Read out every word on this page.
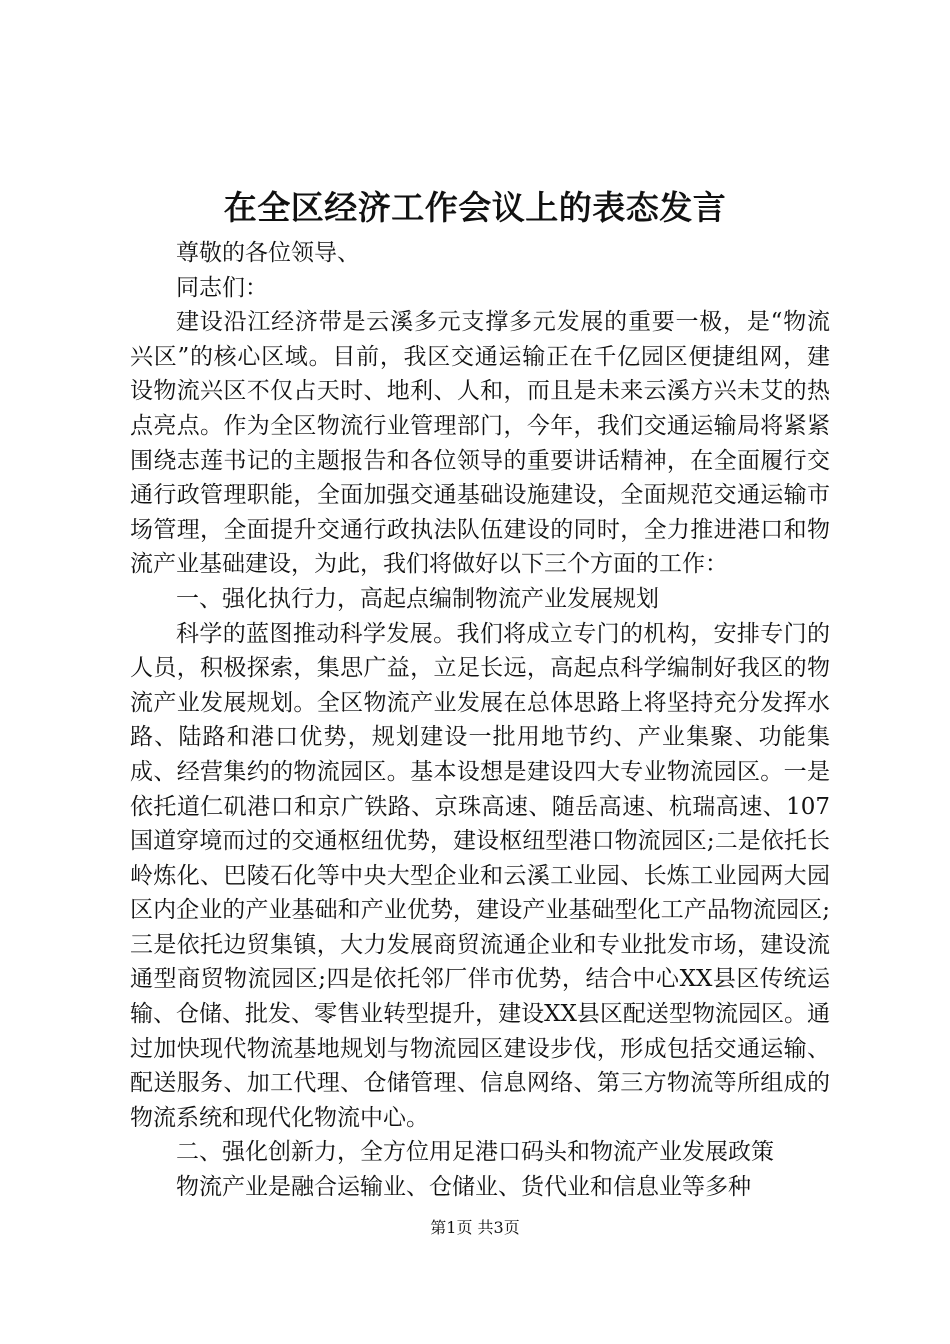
在全区经济工作会议上的表态发言

尊敬的各位领导、

同志们：

建设沿江经济带是云溪多元支撑多元发展的重要一极，是“物流兴区”的核心区域。目前，我区交通运输正在千亿园区便捷组网，建设物流兴区不仅占天时、地利、人和，而且是未来云溪方兴未艾的热点亮点。作为全区物流行业管理部门，今年，我们交通运输局将紧紧围绕志莲书记的主题报告和各位领导的重要讲话精神，在全面履行交通行政管理职能，全面加强交通基础设施建设，全面规范交通运输市场管理，全面提升交通行政执法队伍建设的同时，全力推进港口和物流产业基础建设，为此，我们将做好以下三个方面的工作：

一、强化执行力，高起点编制物流产业发展规划

科学的蓝图推动科学发展。我们将成立专门的机构，安排专门的人员，积极探索，集思广益，立足长远，高起点科学编制好我区的物流产业发展规划。全区物流产业发展在总体思路上将坚持充分发挥水路、陆路和港口优势，规划建设一批用地节约、产业集聚、功能集成、经营集约的物流园区。基本设想是建设四大专业物流园区。一是依托道仁矶港口和京广铁路、京珠高速、随岳高速、杭瑞高速、107国道穿境而过的交通枢纽优势，建设枢纽型港口物流园区;二是依托长岭炼化、巴陵石化等中央大型企业和云溪工业园、长炼工业园两大园区内企业的产业基础和产业优势，建设产业基础型化工产品物流园区;三是依托边贸集镇，大力发展商贸流通企业和专业批发市场，建设流通型商贸物流园区;四是依托邻厂伴市优势，结合中心XX县区传统运输、仓储、批发、零售业转型提升，建设XX县区配送型物流园区。通过加快现代物流基地规划与物流园区建设步伐，形成包括交通运输、配送服务、加工代理、仓储管理、信息网络、第三方物流等所组成的物流系统和现代化物流中心。

二、强化创新力，全方位用足港口码头和物流产业发展政策

物流产业是融合运输业、仓储业、货代业和信息业等多种

第1页 共3页
